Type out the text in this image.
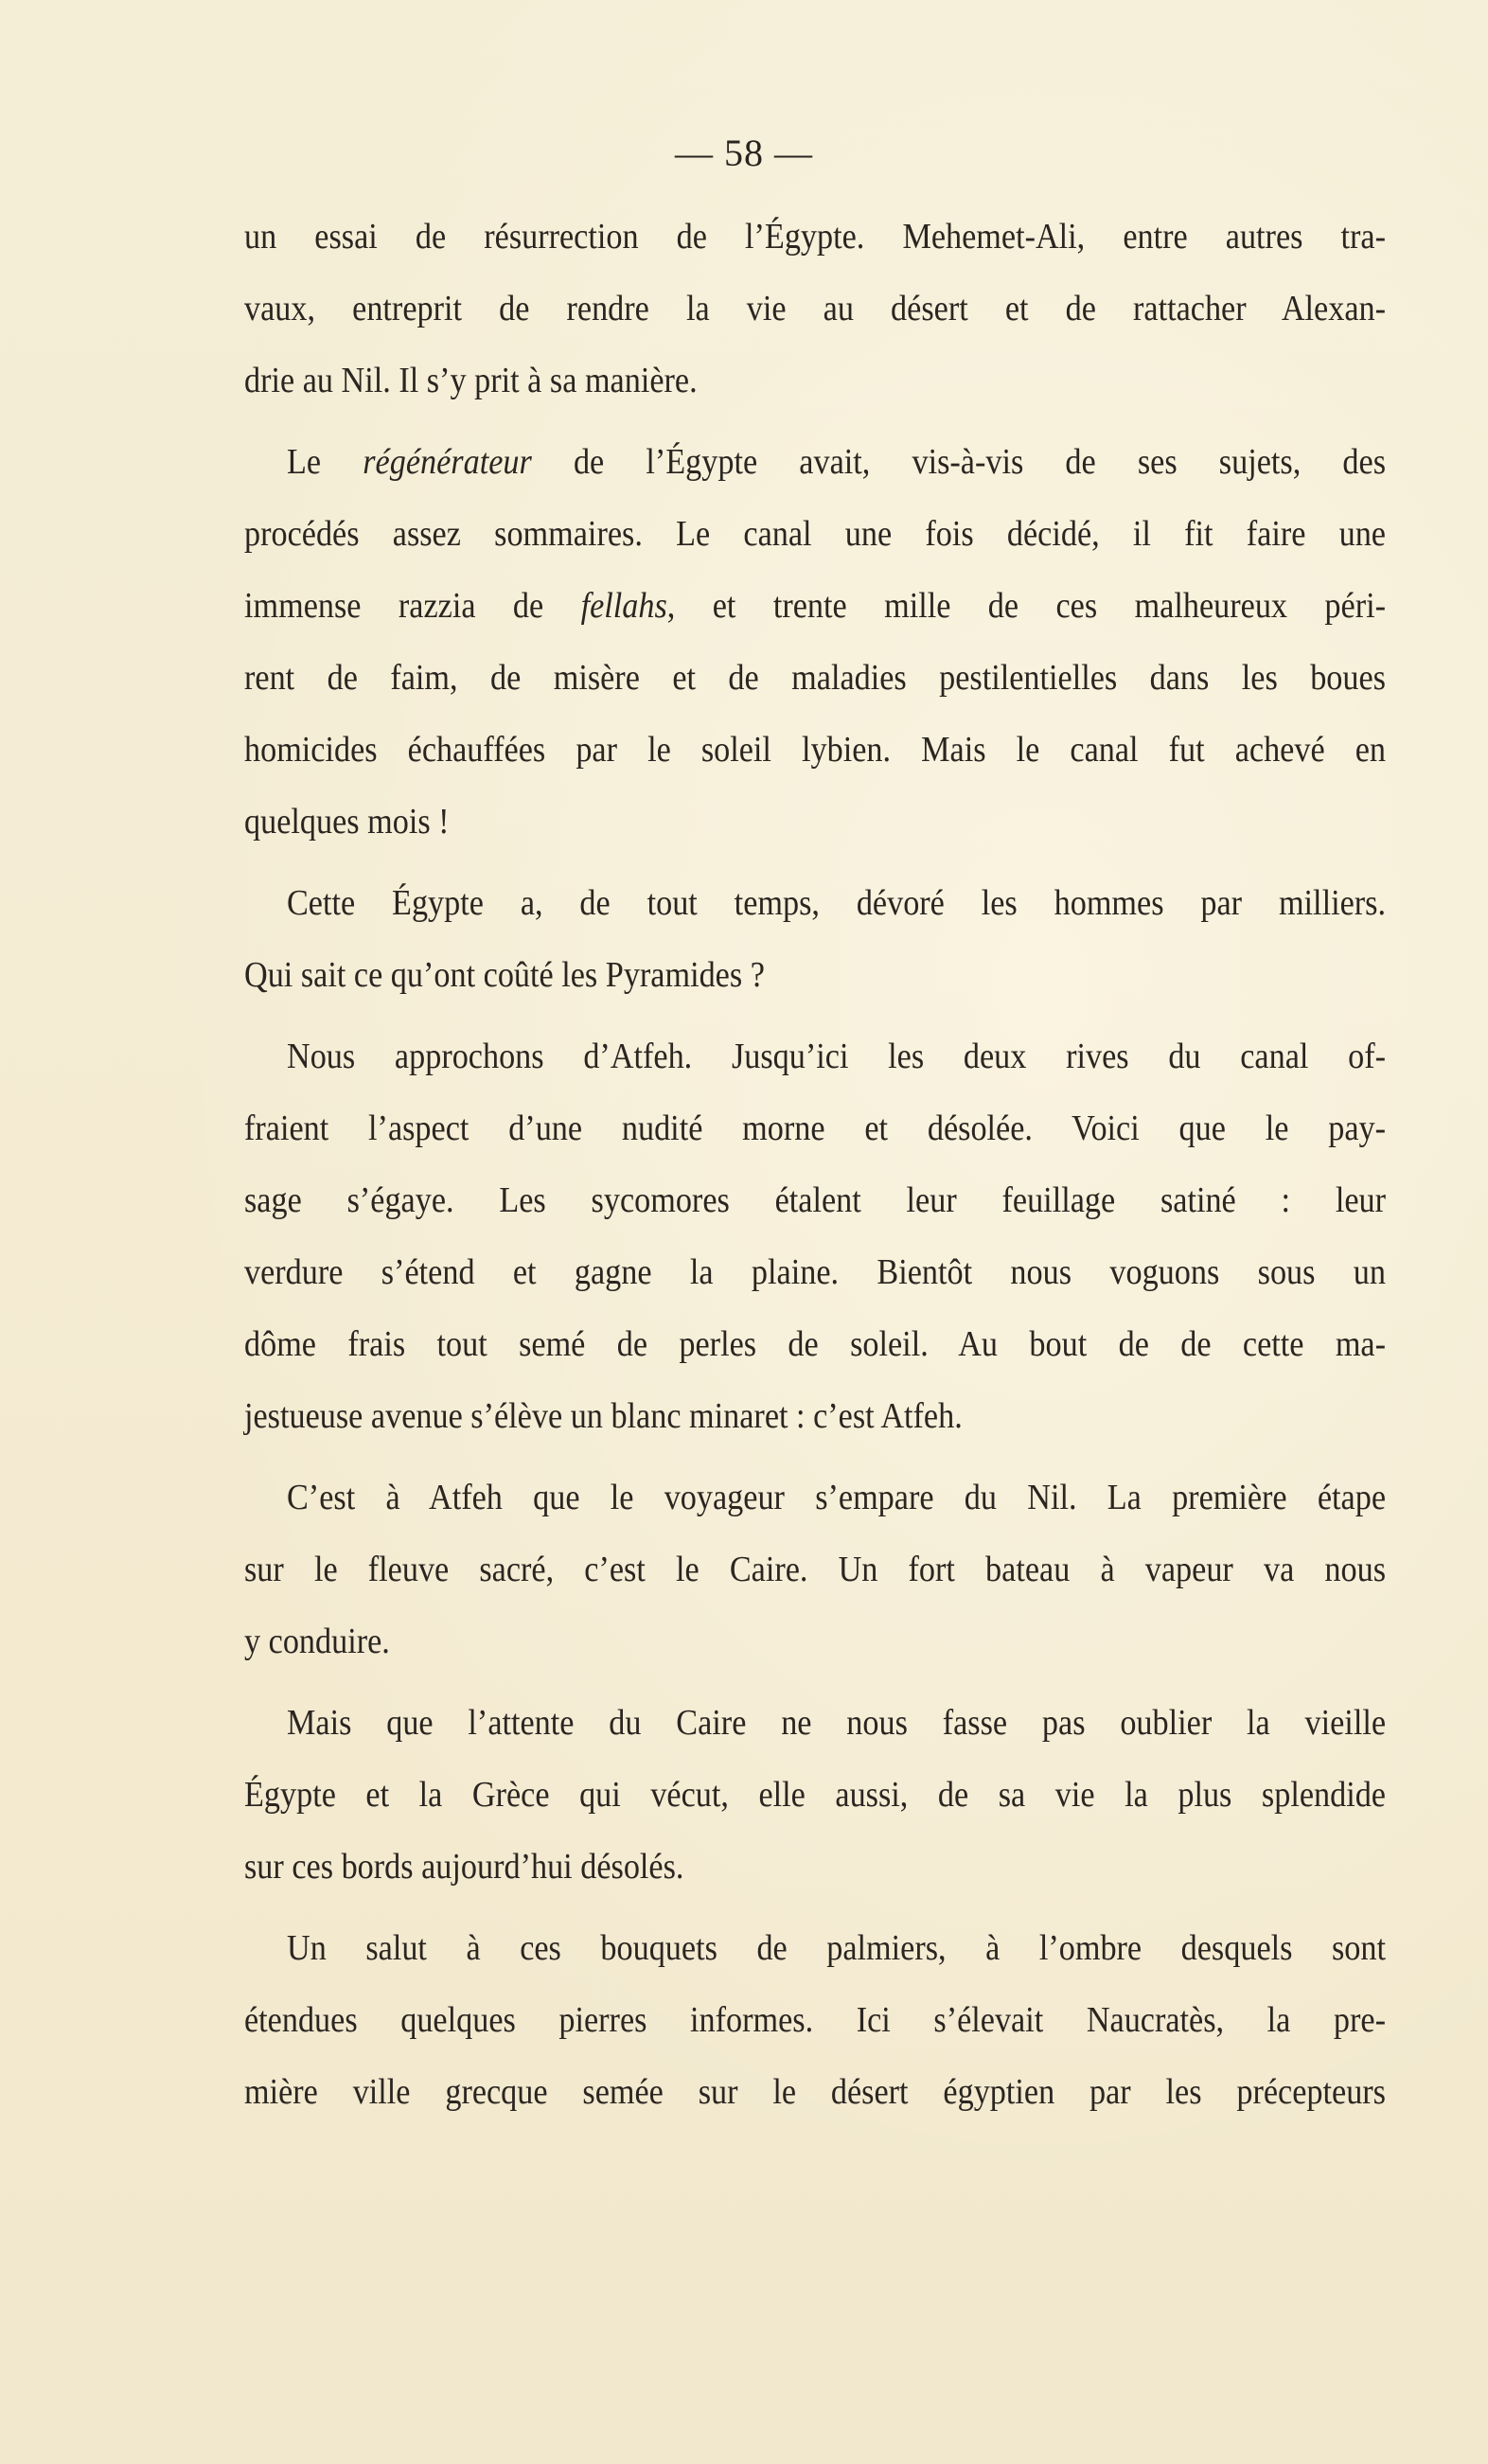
— 58 —
un essai de résurrection de l’Égypte. Mehemet-Ali, entre autres tra-
vaux, entreprit de rendre la vie au désert et de rattacher Alexan-
drie au Nil. Il s’y prit à sa manière.
Le régénérateur de l’Égypte avait, vis-à-vis de ses sujets, des
procédés assez sommaires. Le canal une fois décidé, il fit faire une
immense razzia de fellahs, et trente mille de ces malheureux péri-
rent de faim, de misère et de maladies pestilentielles dans les boues
homicides échauffées par le soleil lybien. Mais le canal fut achevé en
quelques mois !
Cette Égypte a, de tout temps, dévoré les hommes par milliers.
Qui sait ce qu’ont coûté les Pyramides ?
Nous approchons d’Atfeh. Jusqu’ici les deux rives du canal of-
fraient l’aspect d’une nudité morne et désolée. Voici que le pay-
sage s’égaye. Les sycomores étalent leur feuillage satiné : leur
verdure s’étend et gagne la plaine. Bientôt nous voguons sous un
dôme frais tout semé de perles de soleil. Au bout de de cette ma-
jestueuse avenue s’élève un blanc minaret : c’est Atfeh.
C’est à Atfeh que le voyageur s’empare du Nil. La première étape
sur le fleuve sacré, c’est le Caire. Un fort bateau à vapeur va nous
y conduire.
Mais que l’attente du Caire ne nous fasse pas oublier la vieille
Égypte et la Grèce qui vécut, elle aussi, de sa vie la plus splendide
sur ces bords aujourd’hui désolés.
Un salut à ces bouquets de palmiers, à l’ombre desquels sont
étendues quelques pierres informes. Ici s’élevait Naucratès, la pre-
mière ville grecque semée sur le désert égyptien par les précepteurs
